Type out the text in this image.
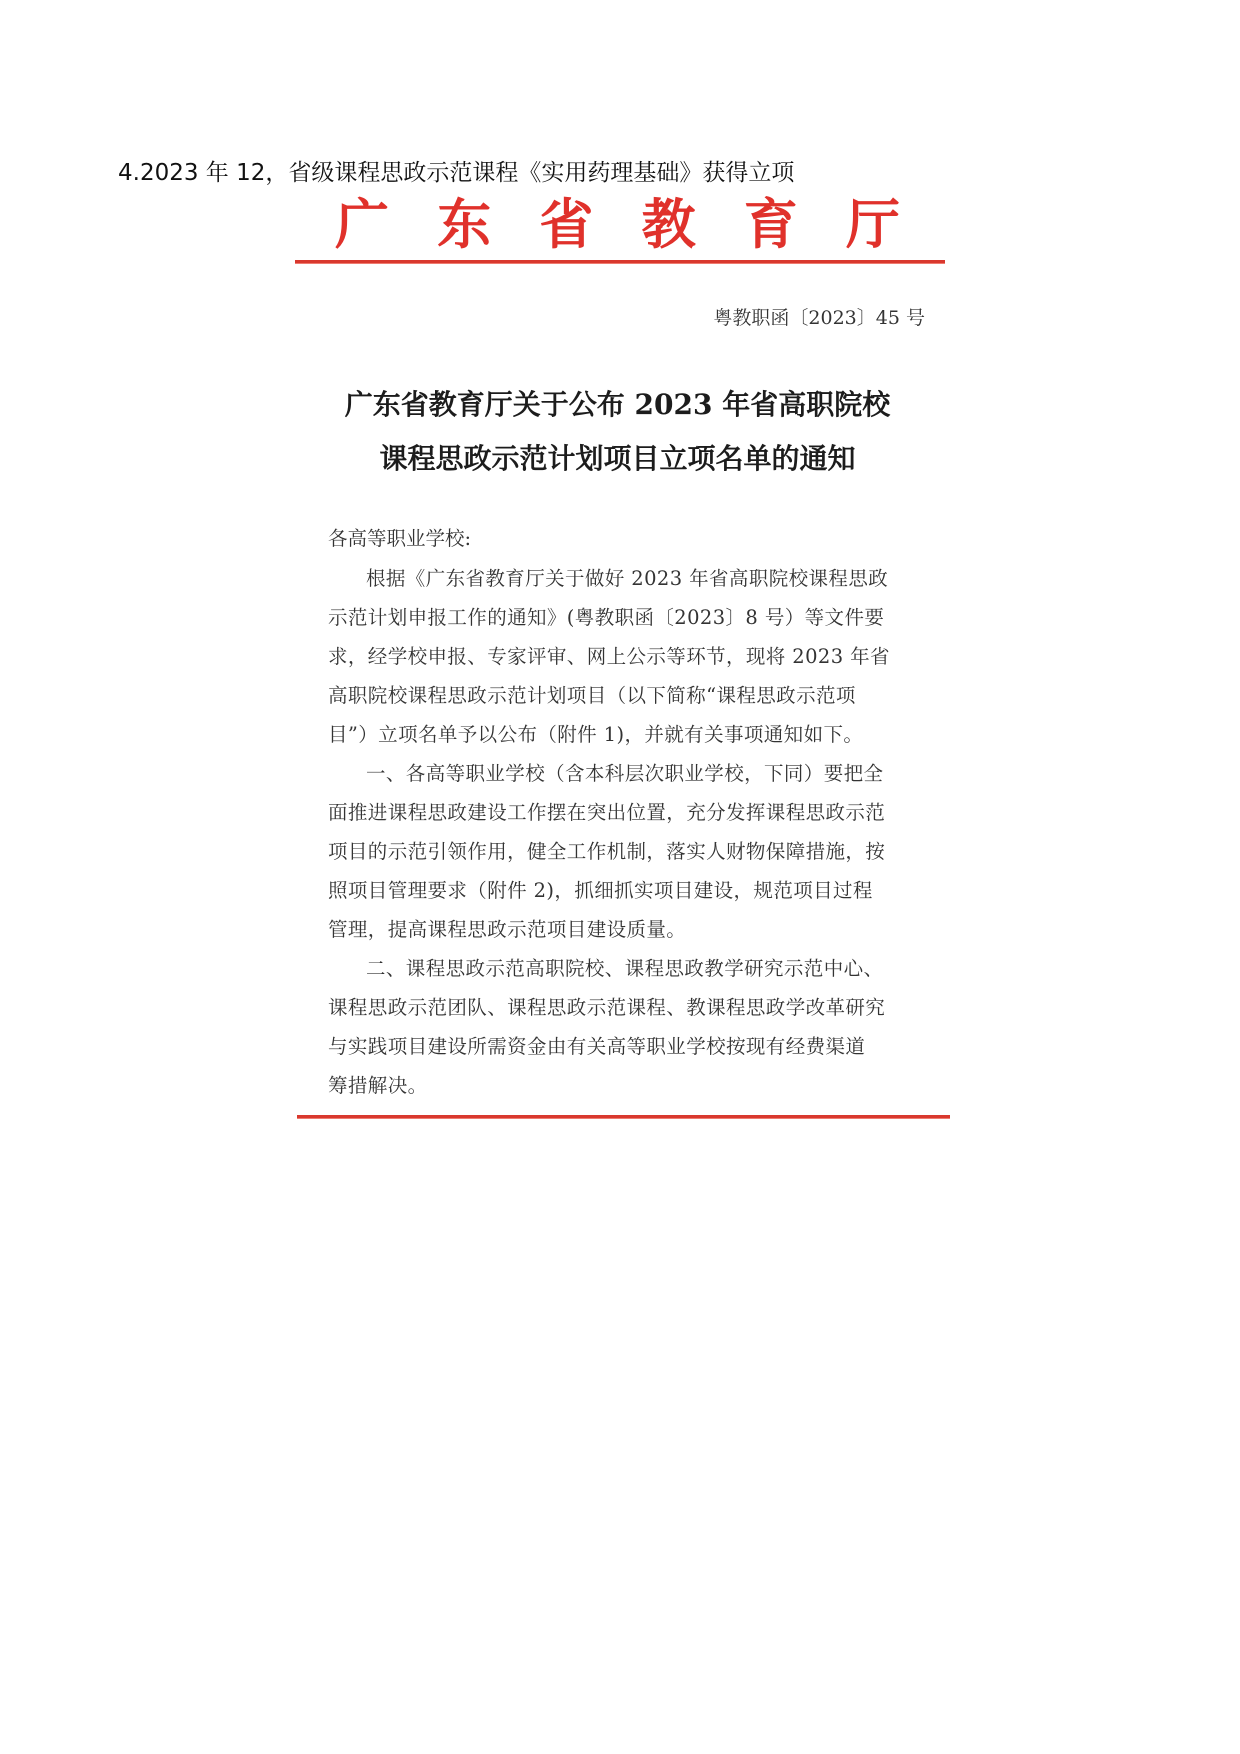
4.2023 年 12，省级课程思政示范课程《实用药理基础》获得立项
广 东 省 教 育 厅
粤教职函〔2023〕45 号
广东省教育厅关于公布 2023 年省高职院校
课程思政示范计划项目立项名单的通知
各高等职业学校:
根据《广东省教育厅关于做好 2023 年省高职院校课程思政
示范计划申报工作的通知》(粤教职函〔2023〕8 号）等文件要
求，经学校申报、专家评审、网上公示等环节，现将 2023 年省
高职院校课程思政示范计划项目（以下简称“课程思政示范项
目”）立项名单予以公布（附件 1)，并就有关事项通知如下。
一、各高等职业学校（含本科层次职业学校，下同）要把全
面推进课程思政建设工作摆在突出位置，充分发挥课程思政示范
项目的示范引领作用，健全工作机制，落实人财物保障措施，按
照项目管理要求（附件 2)，抓细抓实项目建设，规范项目过程
管理，提高课程思政示范项目建设质量。
二、课程思政示范高职院校、课程思政教学研究示范中心、
课程思政示范团队、课程思政示范课程、教课程思政学改革研究
与实践项目建设所需资金由有关高等职业学校按现有经费渠道
筹措解决。
